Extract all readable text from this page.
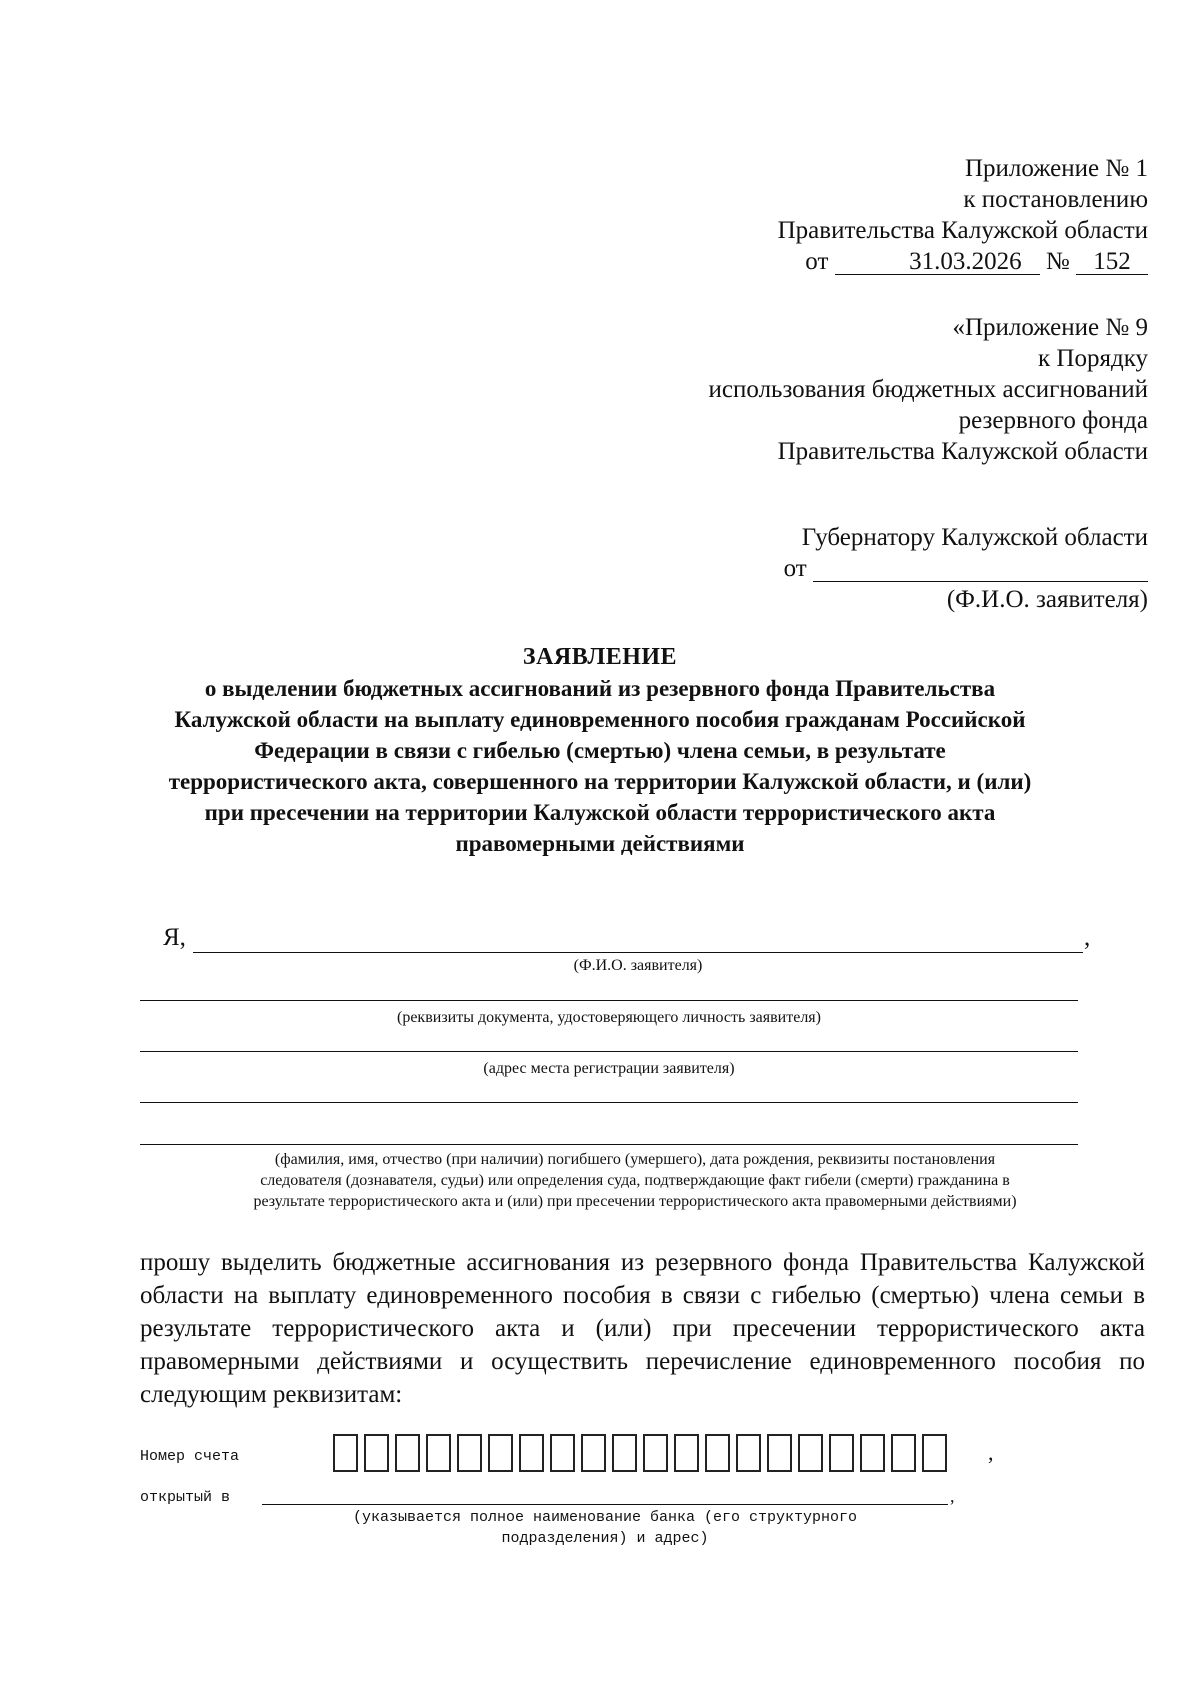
Приложение № 1
к постановлению
Правительства Калужской области
от	31.03.2026 № 152
«Приложение № 9
к Порядку
использования бюджетных ассигнований
резервного фонда
Правительства Калужской области
Губернатору Калужской области
от
(Ф.И.О. заявителя)
ЗАЯВЛЕНИЕ
о выделении бюджетных ассигнований из резервного фонда Правительства
Калужской области на выплату единовременного пособия гражданам Российской
Федерации в связи с гибелью (смертью) члена семьи, в результате
террористического акта, совершенного на территории Калужской области, и (или)
при пресечении на территории Калужской области террористического акта
правомерными действиями
Я,	,
(Ф.И.О. заявителя)
(реквизиты документа, удостоверяющего личность заявителя)
(адрес места регистрации заявителя)
(фамилия, имя, отчество (при наличии) погибшего (умершего), дата рождения, реквизиты постановления
следователя (дознавателя, судьи) или определения суда, подтверждающие факт гибели (смерти) гражданина в
результате террористического акта и (или) при пресечении террористического акта правомерными действиями)
прошу выделить бюджетные ассигнования из резервного фонда Правительства Калужской области на выплату единовременного пособия в связи с гибелью (смертью) члена семьи в результате террористического акта и (или) при пресечении террористического акта правомерными действиями и осуществить перечисление единовременного пособия по следующим реквизитам:
Номер счета	,
открытый в	,
(указывается полное наименование банка (его структурного
подразделения) и адрес)
